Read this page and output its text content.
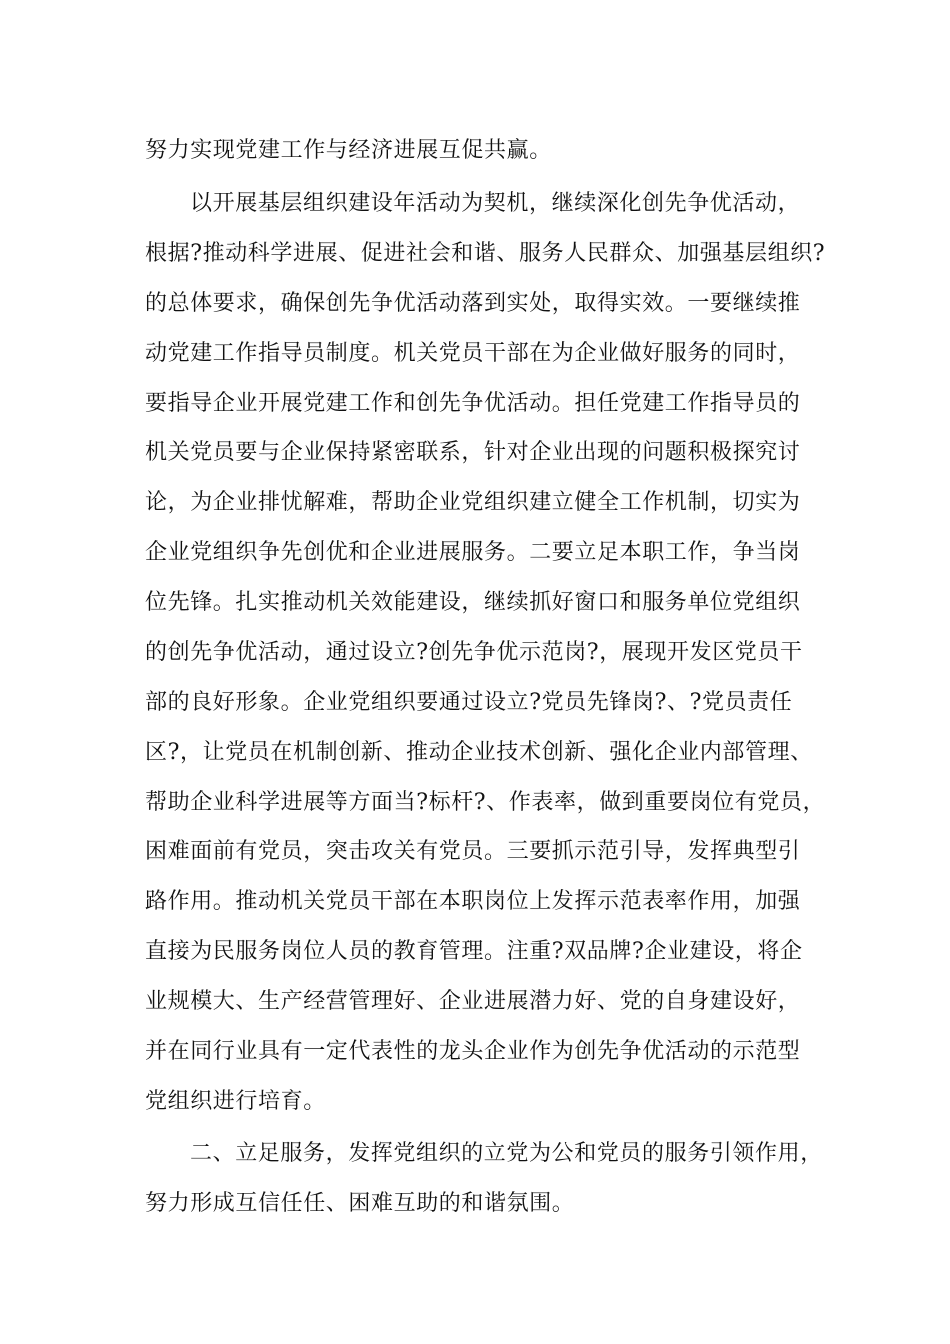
努力实现党建工作与经济进展互促共赢。
以开展基层组织建设年活动为契机，继续深化创先争优活动，
根据?推动科学进展、促进社会和谐、服务人民群众、加强基层组织?
的总体要求，确保创先争优活动落到实处，取得实效。一要继续推
动党建工作指导员制度。机关党员干部在为企业做好服务的同时，
要指导企业开展党建工作和创先争优活动。担任党建工作指导员的
机关党员要与企业保持紧密联系，针对企业出现的问题积极探究讨
论，为企业排忧解难，帮助企业党组织建立健全工作机制，切实为
企业党组织争先创优和企业进展服务。二要立足本职工作，争当岗
位先锋。扎实推动机关效能建设，继续抓好窗口和服务单位党组织
的创先争优活动，通过设立?创先争优示范岗?，展现开发区党员干
部的良好形象。企业党组织要通过设立?党员先锋岗?、?党员责任
区?，让党员在机制创新、推动企业技术创新、强化企业内部管理、
帮助企业科学进展等方面当?标杆?、作表率，做到重要岗位有党员，
困难面前有党员，突击攻关有党员。三要抓示范引导，发挥典型引
路作用。推动机关党员干部在本职岗位上发挥示范表率作用，加强
直接为民服务岗位人员的教育管理。注重?双品牌?企业建设，将企
业规模大、生产经营管理好、企业进展潜力好、党的自身建设好，
并在同行业具有一定代表性的龙头企业作为创先争优活动的示范型
党组织进行培育。
二、立足服务，发挥党组织的立党为公和党员的服务引领作用，
努力形成互信任任、困难互助的和谐氛围。
